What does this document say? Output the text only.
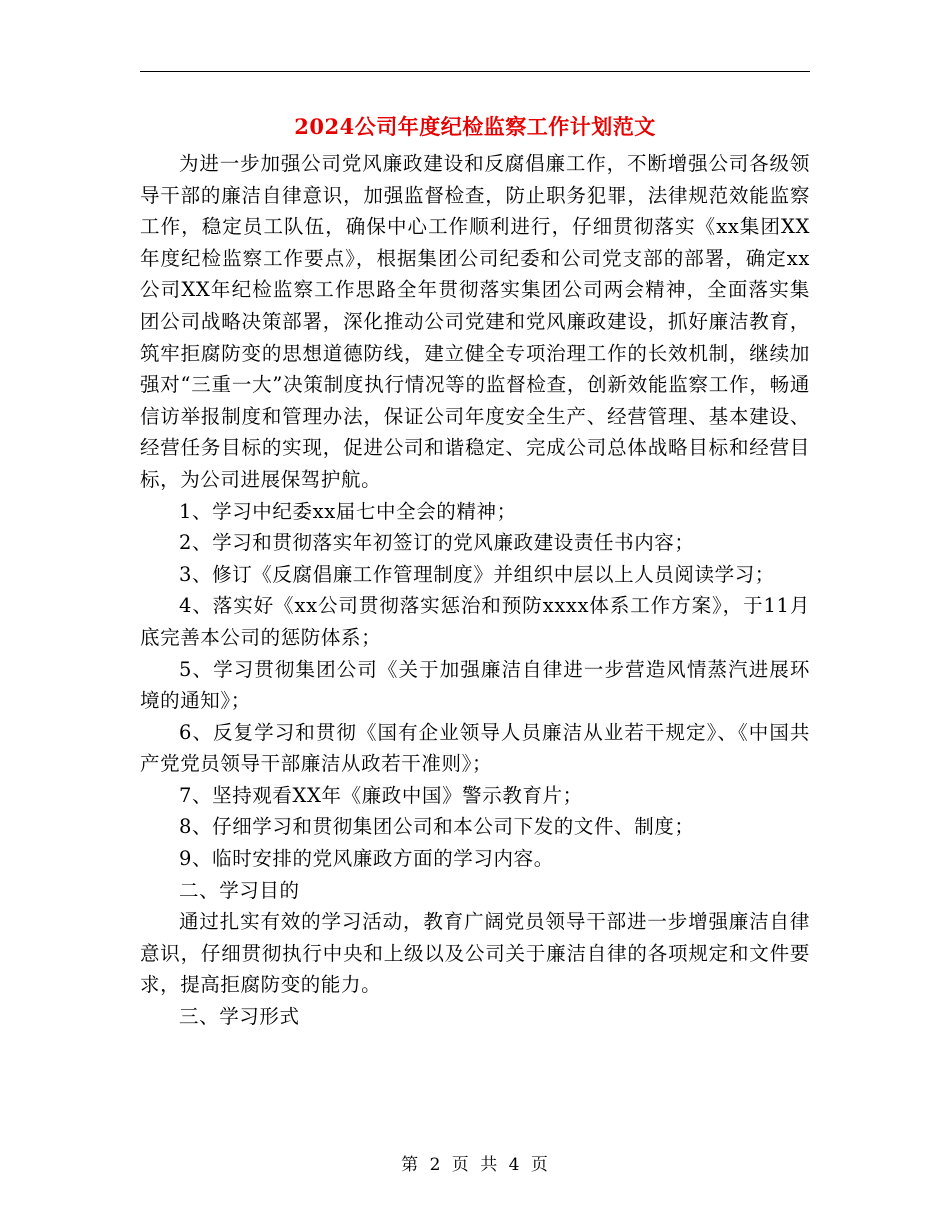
2024公司年度纪检监察工作计划范文

为进一步加强公司党风廉政建设和反腐倡廉工作，不断增强公司各级领导干部的廉洁自律意识，加强监督检查，防止职务犯罪，法律规范效能监察工作，稳定员工队伍，确保中心工作顺利进行，仔细贯彻落实《xx集团XX年度纪检监察工作要点》，根据集团公司纪委和公司党支部的部署，确定xx公司XX年纪检监察工作思路全年贯彻落实集团公司两会精神，全面落实集团公司战略决策部署，深化推动公司党建和党风廉政建设，抓好廉洁教育，筑牢拒腐防变的思想道德防线，建立健全专项治理工作的长效机制，继续加强对“三重一大”决策制度执行情况等的监督检查，创新效能监察工作，畅通信访举报制度和管理办法，保证公司年度安全生产、经营管理、基本建设、经营任务目标的实现，促进公司和谐稳定、完成公司总体战略目标和经营目标，为公司进展保驾护航。

1、学习中纪委xx届七中全会的精神；

2、学习和贯彻落实年初签订的党风廉政建设责任书内容；

3、修订《反腐倡廉工作管理制度》并组织中层以上人员阅读学习；

4、落实好《xx公司贯彻落实惩治和预防xxxx体系工作方案》，于11月底完善本公司的惩防体系；

5、学习贯彻集团公司《关于加强廉洁自律进一步营造风情蒸汽进展环境的通知》；

6、反复学习和贯彻《国有企业领导人员廉洁从业若干规定》、《中国共产党党员领导干部廉洁从政若干准则》；

7、坚持观看XX年《廉政中国》警示教育片；

8、仔细学习和贯彻集团公司和本公司下发的文件、制度；

9、临时安排的党风廉政方面的学习内容。

二、学习目的

通过扎实有效的学习活动，教育广阔党员领导干部进一步增强廉洁自律意识，仔细贯彻执行中央和上级以及公司关于廉洁自律的各项规定和文件要求，提高拒腐防变的能力。

三、学习形式

第 2 页 共 4 页
